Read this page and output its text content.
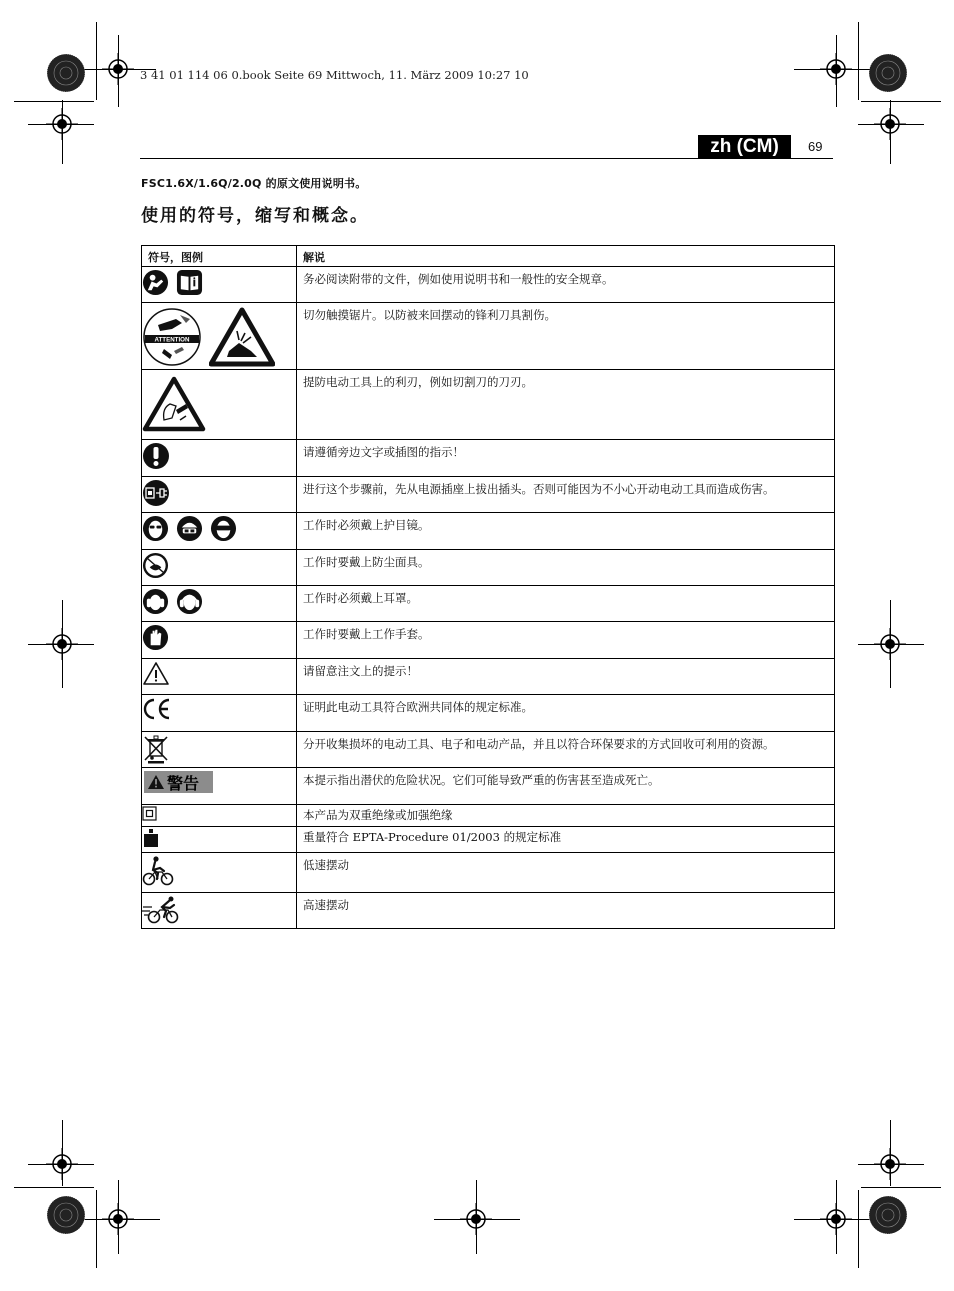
3 41 01 114 06 0.book Seite 69 Mittwoch, 11. März 2009 10:27 10
zh (CM)	69
FSC1.6X/1.6Q/2.0Q 的原文使用说明书。
使用的符号，缩写和概念。
符号，图例	解说

	务必阅读附带的文件，例如使用说明书和一般性的安全规章。

ATTENTION	切勿触摸锯片。以防被来回摆动的锋利刀具割伤。

	提防电动工具上的利刃，例如切割刀的刀刃。

	请遵循旁边文字或插图的指示！

	进行这个步骤前，先从电源插座上拔出插头。否则可能因为不小心开动电动工具而造成伤害。

	工作时必须戴上护目镜。

	工作时要戴上防尘面具。

	工作时必须戴上耳罩。

	工作时要戴上工作手套。

	请留意注文上的提示！

	证明此电动工具符合欧洲共同体的规定标准。

	分开收集损坏的电动工具、电子和电动产品，并且以符合环保要求的方式回收可利用的资源。

警告	本提示指出潜伏的危险状况。它们可能导致严重的伤害甚至造成死亡。

	本产品为双重绝缘或加强绝缘

	重量符合 EPTA-Procedure 01/2003 的规定标准

	低速摆动

	高速摆动
